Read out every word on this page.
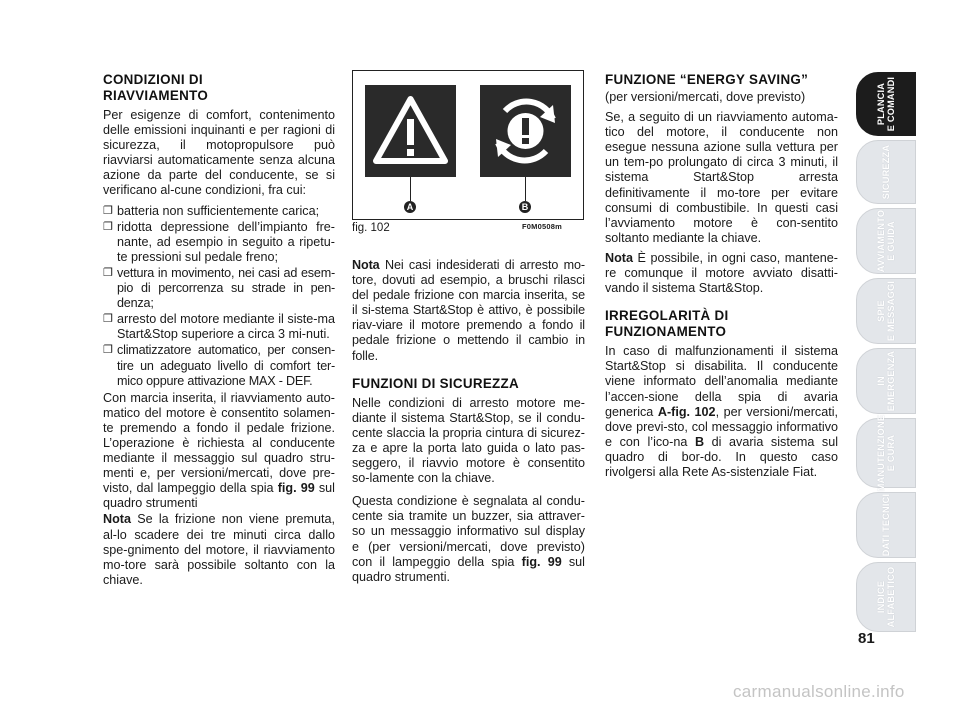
CONDIZIONI DI
RIAVVIAMENTO

Per esigenze di comfort, contenimento delle emissioni inquinanti e per ragioni di sicurezza, il motopropulsore può riavviarsi automaticamente senza alcuna azione da parte del conducente, se si verificano al-cune condizioni, fra cui:

❐ batteria non sufficientemente carica;
❐ ridotta depressione dell’impianto fre-nante, ad esempio in seguito a ripetu-te pressioni sul pedale freno;
❐ vettura in movimento, nei casi ad esem-pio di percorrenza su strade in pen-denza;
❐ arresto del motore mediante il siste-ma Start&Stop superiore a circa 3 mi-nuti.
❐ climatizzatore automatico, per consen-tire un adeguato livello di comfort ter-mico oppure attivazione MAX - DEF.

Con marcia inserita, il riavviamento auto-matico del motore è consentito solamen-te premendo a fondo il pedale frizione. L’operazione è richiesta al conducente mediante il messaggio sul quadro stru-menti e, per versioni/mercati, dove pre-visto, dal lampeggio della spia fig. 99 sul quadro strumenti

Nota Se la frizione non viene premuta, al-lo scadere dei tre minuti circa dallo spe-gnimento del motore, il riavviamento mo-tore sarà possibile soltanto con la chiave.

A	B
fig. 102	F0M0508m

Nota Nei casi indesiderati di arresto mo-tore, dovuti ad esempio, a bruschi rilasci del pedale frizione con marcia inserita, se il si-stema Start&Stop è attivo, è possibile riav-viare il motore premendo a fondo il pedale frizione o mettendo il cambio in folle.

FUNZIONI DI SICUREZZA

Nelle condizioni di arresto motore me-diante il sistema Start&Stop, se il condu-cente slaccia la propria cintura di sicurez-za e apre la porta lato guida o lato pas-seggero, il riavvio motore è consentito so-lamente con la chiave.

Questa condizione è segnalata al condu-cente sia tramite un buzzer, sia attraver-so un messaggio informativo sul display e (per versioni/mercati, dove previsto) con il lampeggio della spia fig. 99 sul quadro strumenti.

FUNZIONE “ENERGY SAVING”

(per versioni/mercati, dove previsto)

Se, a seguito di un riavviamento automa-tico del motore, il conducente non esegue nessuna azione sulla vettura per un tem-po prolungato di circa 3 minuti, il sistema Start&Stop arresta definitivamente il mo-tore per evitare consumi di combustibile. In questi casi l’avviamento motore è con-sentito soltanto mediante la chiave.

Nota È possibile, in ogni caso, mantene-re comunque il motore avviato disatti-vando il sistema Start&Stop.

IRREGOLARITÀ DI
FUNZIONAMENTO

In caso di malfunzionamenti il sistema Start&Stop si disabilita. Il conducente viene informato dell’anomalia mediante l’accen-sione della spia di avaria generica A-fig. 102, per versioni/mercati, dove previ-sto, col messaggio informativo e con l’ico-na B di avaria sistema sul quadro di bor-do. In questo caso rivolgersi alla Rete As-sistenziale Fiat.

PLANCIA
E COMANDI
SICUREZZA
AVVIAMENTO
E GUIDA
SPIE
E MESSAGGI
IN
EMERGENZA
MANUTENZIONE
E CURA
DATI TECNICI
INDICE
ALFABETICO
81
carmanualsonline.info
